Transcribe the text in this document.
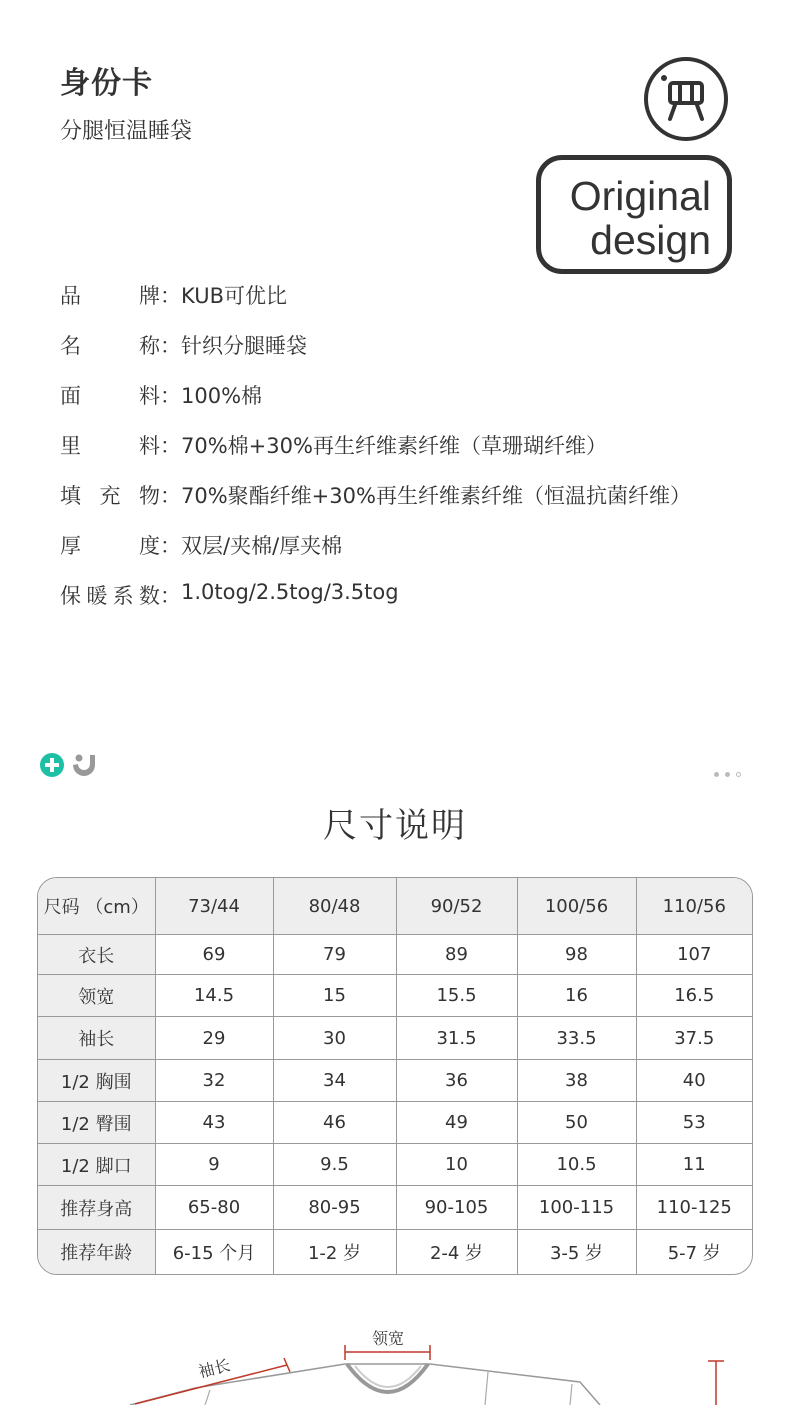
身份卡
分腿恒温睡袋
Original
design
品牌 ： KUB可优比
名称 ： 针织分腿睡袋
面料 ： 100%棉
里料 ： 70%棉+30%再生纤维素纤维（草珊瑚纤维）
填充物 ： 70%聚酯纤维+30%再生纤维素纤维（恒温抗菌纤维）
厚度 ： 双层/夹棉/厚夹棉
保暖系数 ： 1.0tog/2.5tog/3.5tog
尺寸说明
尺码 （cm）	73/44	80/48	90/52	100/56	110/56
衣长	69	79	89	98	107
领宽	14.5	15	15.5	16	16.5
袖长	29	30	31.5	33.5	37.5
1/2 胸围	32	34	36	38	40
1/2 臀围	43	46	49	50	53
1/2 脚口	9	9.5	10	10.5	11
推荐身高	65-80	80-95	90-105	100-115	110-125
推荐年龄	6-15 个月	1-2 岁	2-4 岁	3-5 岁	5-7 岁
袖长
领宽
